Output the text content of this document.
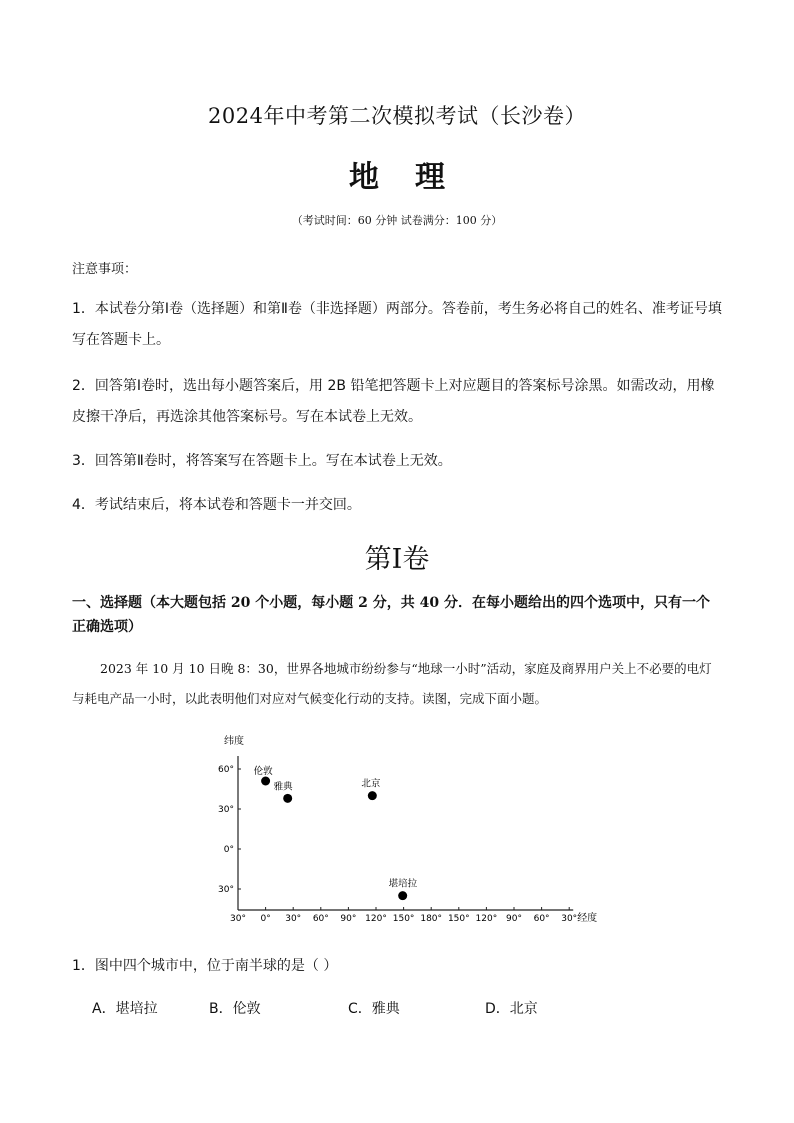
2024年中考第二次模拟考试（长沙卷）
地 理
（考试时间：60 分钟 试卷满分：100 分）
注意事项：
1．本试卷分第Ⅰ卷（选择题）和第Ⅱ卷（非选择题）两部分。答卷前，考生务必将自己的姓名、准考证号填写在答题卡上。
2．回答第Ⅰ卷时，选出每小题答案后，用 2B 铅笔把答题卡上对应题目的答案标号涂黑。如需改动，用橡皮擦干净后，再选涂其他答案标号。写在本试卷上无效。
3．回答第Ⅱ卷时，将答案写在答题卡上。写在本试卷上无效。
4．考试结束后，将本试卷和答题卡一并交回。
第Ⅰ卷
一、选择题（本大题包括 20 个小题，每小题 2 分，共 40 分．在每小题给出的四个选项中，只有一个正确选项）
2023 年 10 月 10 日晚 8：30，世界各地城市纷纷参与“地球一小时”活动，家庭及商界用户关上不必要的电灯与耗电产品一小时，以此表明他们对应对气候变化行动的支持。读图，完成下面小题。
纬度
经度
30° 0° 30° 60° 90° 120° 150° 180° 150° 120° 90° 60° 30°
60°
30°
0°
30°
伦敦
雅典	北京
堪培拉
1．图中四个城市中，位于南半球的是（ ）
A．堪培拉	B．伦敦	C．雅典	D．北京
